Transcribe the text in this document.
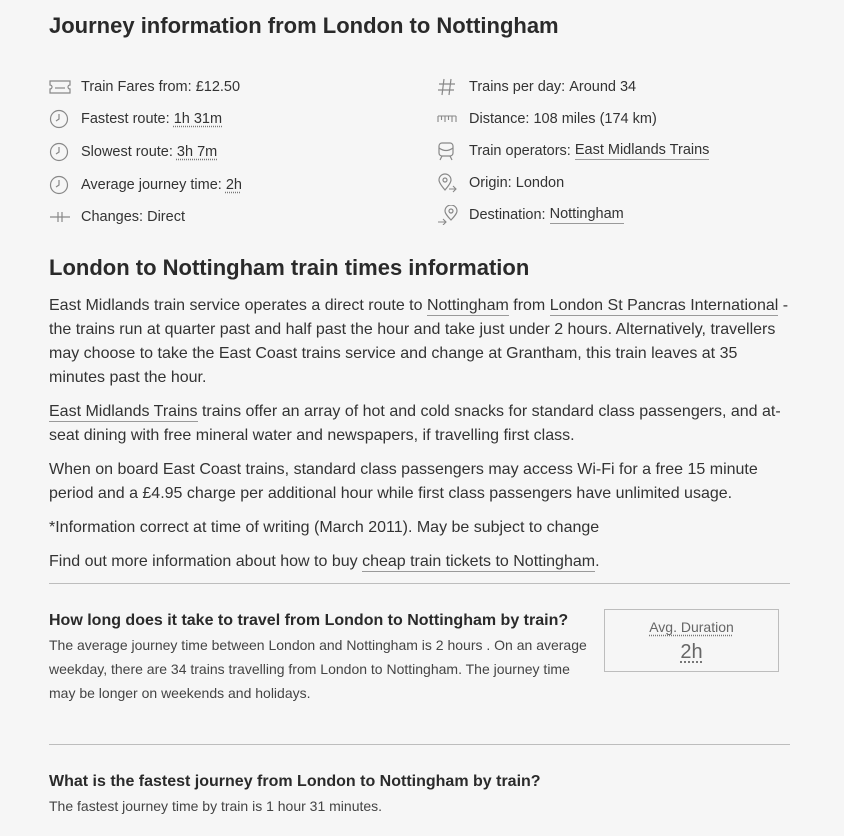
Journey information from London to Nottingham
Train Fares from:
£12.50
Fastest route:
1h 31m
Slowest route:
3h 7m
Average journey time:
2h
Changes:
Direct
Trains per day:
Around 34
Distance:
108 miles (174 km)
Train operators:
East Midlands Trains
Origin:
London
Destination:
Nottingham
London to Nottingham train times information

East Midlands train service operates a direct route to Nottingham from London St Pancras International - the trains run at quarter past and half past the hour and take just under 2 hours. Alternatively, travellers may choose to take the East Coast trains service and change at Grantham, this train leaves at 35 minutes past the hour.

East Midlands Trains trains offer an array of hot and cold snacks for standard class passengers, and at-seat dining with free mineral water and newspapers, if travelling first class.

When on board East Coast trains, standard class passengers may access Wi-Fi for a free 15 minute period and a £4.95 charge per additional hour while first class passengers have unlimited usage.

*Information correct at time of writing (March 2011). May be subject to change

Find out more information about how to buy cheap train tickets to Nottingham.

How long does it take to travel from London to Nottingham by train?

The average journey time between London and Nottingham is 2 hours . On an average weekday, there are 34 trains travelling from London to Nottingham. The journey time may be longer on weekends and holidays.

Avg. Duration
2h
What is the fastest journey from London to Nottingham by train?

The fastest journey time by train is 1 hour 31 minutes.
